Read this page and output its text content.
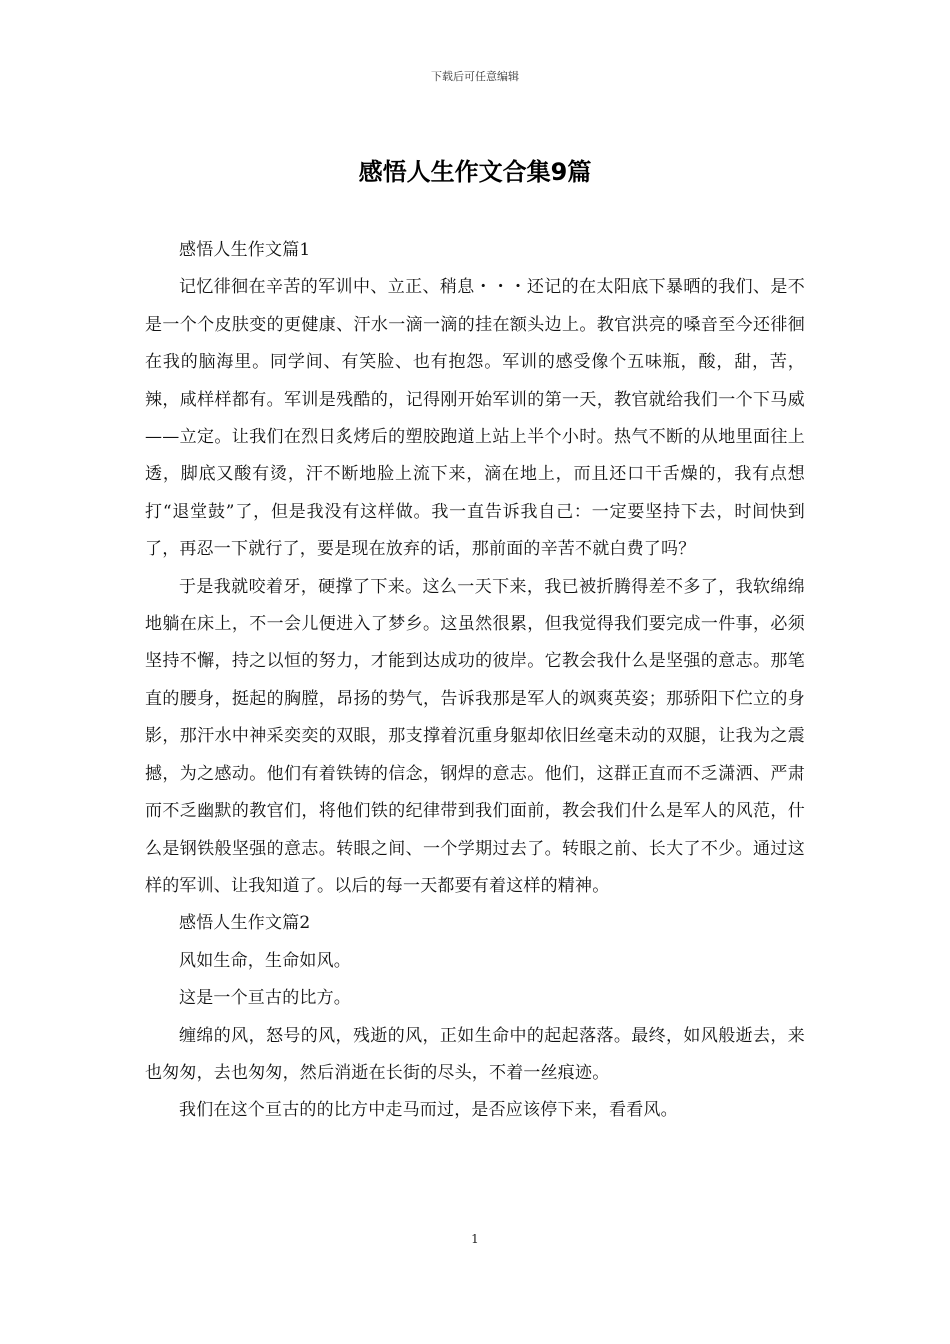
下载后可任意编辑
感悟人生作文合集9篇

感悟人生作文篇1

记忆徘徊在辛苦的军训中、立正、稍息・・・还记的在太阳底下暴晒的我们、是不是一个个皮肤变的更健康、汗水一滴一滴的挂在额头边上。教官洪亮的嗓音至今还徘徊在我的脑海里。同学间、有笑脸、也有抱怨。军训的感受像个五味瓶，酸，甜，苦，辣，咸样样都有。军训是残酷的，记得刚开始军训的第一天，教官就给我们一个下马威——立定。让我们在烈日炙烤后的塑胶跑道上站上半个小时。热气不断的从地里面往上透，脚底又酸有烫，汗不断地脸上流下来，滴在地上，而且还口干舌燥的，我有点想打“退堂鼓”了，但是我没有这样做。我一直告诉我自己：一定要坚持下去，时间快到了，再忍一下就行了，要是现在放弃的话，那前面的辛苦不就白费了吗？

于是我就咬着牙，硬撑了下来。这么一天下来，我已被折腾得差不多了，我软绵绵地躺在床上，不一会儿便进入了梦乡。这虽然很累，但我觉得我们要完成一件事，必须坚持不懈，持之以恒的努力，才能到达成功的彼岸。它教会我什么是坚强的意志。那笔直的腰身，挺起的胸膛，昂扬的势气，告诉我那是军人的飒爽英姿；那骄阳下伫立的身影，那汗水中神采奕奕的双眼，那支撑着沉重身躯却依旧丝毫未动的双腿，让我为之震撼，为之感动。他们有着铁铸的信念，钢焊的意志。他们，这群正直而不乏潇洒、严肃而不乏幽默的教官们，将他们铁的纪律带到我们面前，教会我们什么是军人的风范，什么是钢铁般坚强的意志。转眼之间、一个学期过去了。转眼之前、长大了不少。通过这样的军训、让我知道了。以后的每一天都要有着这样的精神。

感悟人生作文篇2

风如生命，生命如风。

这是一个亘古的比方。

缠绵的风，怒号的风，残逝的风，正如生命中的起起落落。最终，如风般逝去，来也匆匆，去也匆匆，然后消逝在长街的尽头，不着一丝痕迹。

我们在这个亘古的的比方中走马而过，是否应该停下来，看看风。

1
